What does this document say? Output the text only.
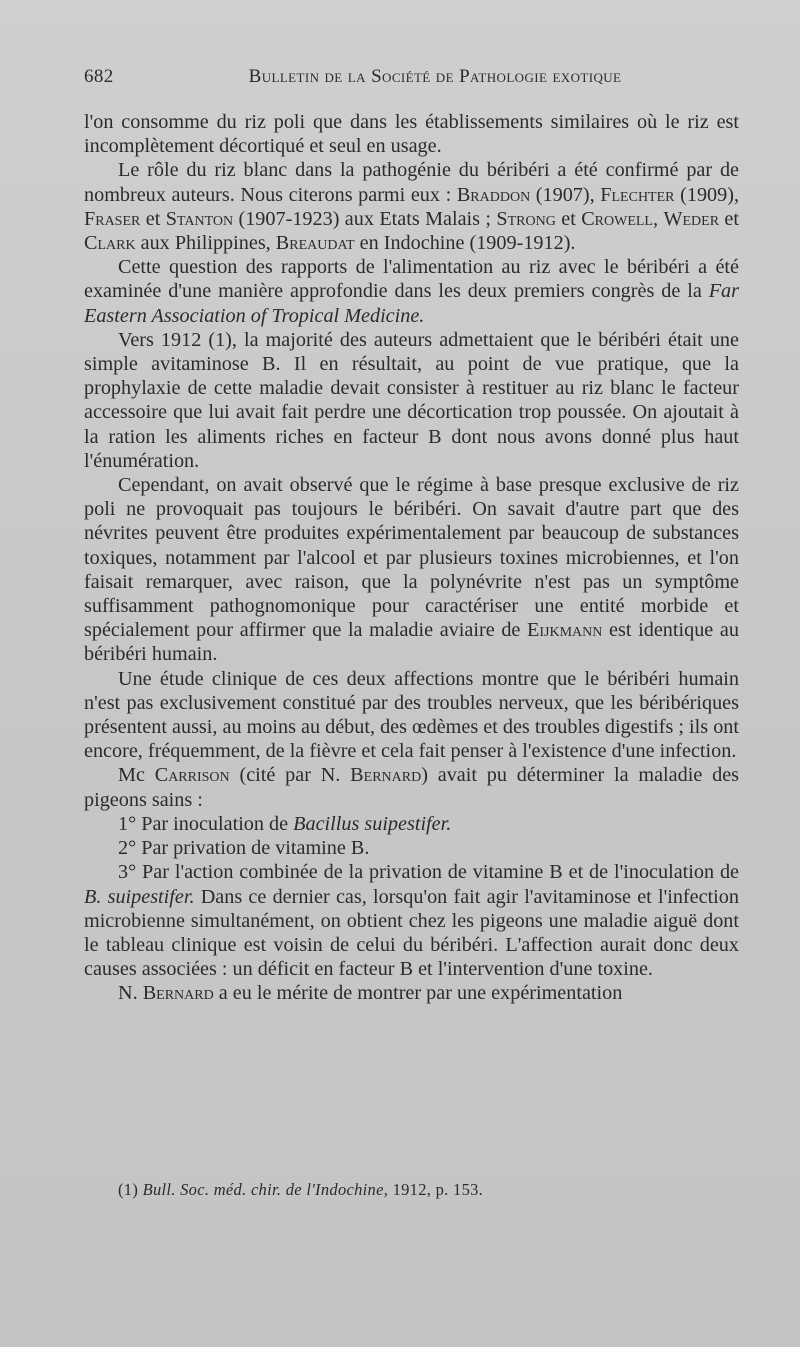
682	Bulletin de la Société de Pathologie exotique

l'on consomme du riz poli que dans les établissements similaires où le riz est incomplètement décortiqué et seul en usage.

Le rôle du riz blanc dans la pathogénie du béribéri a été confirmé par de nombreux auteurs. Nous citerons parmi eux : Braddon (1907), Flechter (1909), Fraser et Stanton (1907-1923) aux Etats Malais ; Strong et Crowell, Weder et Clark aux Philippines, Breaudat en Indochine (1909-1912).

Cette question des rapports de l'alimentation au riz avec le béribéri a été examinée d'une manière approfondie dans les deux premiers congrès de la Far Eastern Association of Tropical Medicine.

Vers 1912 (1), la majorité des auteurs admettaient que le béribéri était une simple avitaminose B. Il en résultait, au point de vue pratique, que la prophylaxie de cette maladie devait consister à restituer au riz blanc le facteur accessoire que lui avait fait perdre une décortication trop poussée. On ajoutait à la ration les aliments riches en facteur B dont nous avons donné plus haut l'énumération.

Cependant, on avait observé que le régime à base presque exclusive de riz poli ne provoquait pas toujours le béribéri. On savait d'autre part que des névrites peuvent être produites expérimentalement par beaucoup de substances toxiques, notamment par l'alcool et par plusieurs toxines microbiennes, et l'on faisait remarquer, avec raison, que la polynévrite n'est pas un symptôme suffisamment pathognomonique pour caractériser une entité morbide et spécialement pour affirmer que la maladie aviaire de Eijkmann est identique au béribéri humain.

Une étude clinique de ces deux affections montre que le béribéri humain n'est pas exclusivement constitué par des troubles nerveux, que les béribériques présentent aussi, au moins au début, des œdèmes et des troubles digestifs ; ils ont encore, fréquemment, de la fièvre et cela fait penser à l'existence d'une infection.

Mc Carrison (cité par N. Bernard) avait pu déterminer la maladie des pigeons sains :

1° Par inoculation de Bacillus suipestifer.

2° Par privation de vitamine B.

3° Par l'action combinée de la privation de vitamine B et de l'inoculation de B. suipestifer. Dans ce dernier cas, lorsqu'on fait agir l'avitaminose et l'infection microbienne simultanément, on obtient chez les pigeons une maladie aiguë dont le tableau clinique est voisin de celui du béribéri. L'affection aurait donc deux causes associées : un déficit en facteur B et l'intervention d'une toxine.

N. Bernard a eu le mérite de montrer par une expérimentation

(1) Bull. Soc. méd. chir. de l'Indochine, 1912, p. 153.
